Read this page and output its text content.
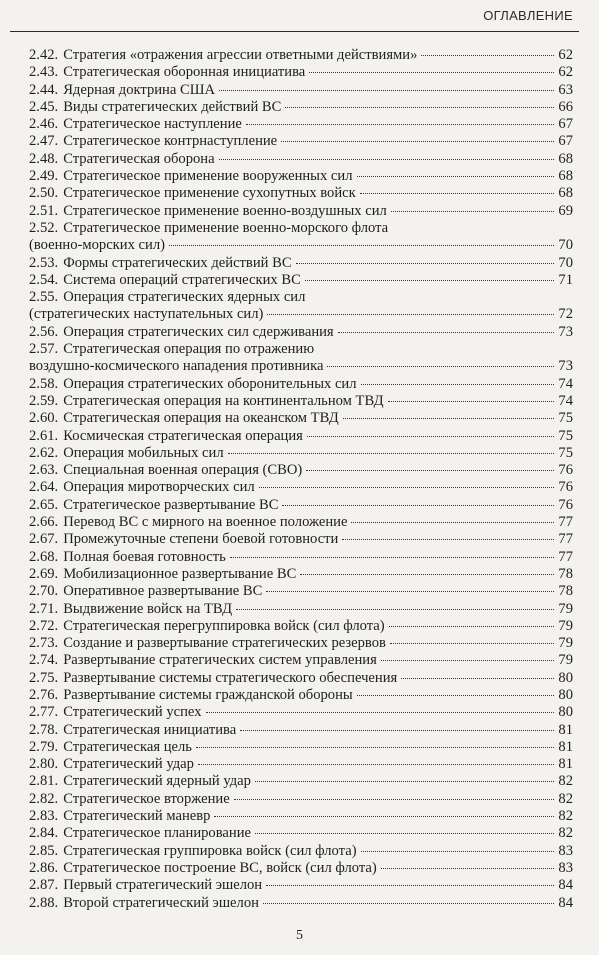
ОГЛАВЛЕНИЕ
2.42. Стратегия «отражения агрессии ответными действиями»	62
2.43. Стратегическая оборонная инициатива	62
2.44. Ядерная доктрина США	63
2.45. Виды стратегических действий ВС	66
2.46. Стратегическое наступление	67
2.47. Стратегическое контрнаступление	67
2.48. Стратегическая оборона	68
2.49. Стратегическое применение вооруженных сил	68
2.50. Стратегическое применение сухопутных войск	68
2.51. Стратегическое применение военно-воздушных сил	69
2.52. Стратегическое применение военно-морского флота
(военно-морских сил)	70
2.53. Формы стратегических действий ВС	70
2.54. Система операций стратегических ВС	71
2.55. Операция стратегических ядерных сил
(стратегических наступательных сил)	72
2.56. Операция стратегических сил сдерживания	73
2.57. Стратегическая операция по отражению
воздушно-космического нападения противника	73
2.58. Операция стратегических оборонительных сил	74
2.59. Стратегическая операция на континентальном ТВД	74
2.60. Стратегическая операция на океанском ТВД	75
2.61. Космическая стратегическая операция	75
2.62. Операция мобильных сил	75
2.63. Специальная военная операция (СВО)	76
2.64. Операция миротворческих сил	76
2.65. Стратегическое развертывание ВС	76
2.66. Перевод ВС с мирного на военное положение	77
2.67. Промежуточные степени боевой готовности	77
2.68. Полная боевая готовность	77
2.69. Мобилизационное развертывание ВС	78
2.70. Оперативное развертывание ВС	78
2.71. Выдвижение войск на ТВД	79
2.72. Стратегическая перегруппировка войск (сил флота)	79
2.73. Создание и развертывание стратегических резервов	79
2.74. Развертывание стратегических систем управления	79
2.75. Развертывание системы стратегического обеспечения	80
2.76. Развертывание системы гражданской обороны	80
2.77. Стратегический успех	80
2.78. Стратегическая инициатива	81
2.79. Стратегическая цель	81
2.80. Стратегический удар	81
2.81. Стратегический ядерный удар	82
2.82. Стратегическое вторжение	82
2.83. Стратегический маневр	82
2.84. Стратегическое планирование	82
2.85. Стратегическая группировка войск (сил флота)	83
2.86. Стратегическое построение ВС, войск (сил флота)	83
2.87. Первый стратегический эшелон	84
2.88. Второй стратегический эшелон	84
5
